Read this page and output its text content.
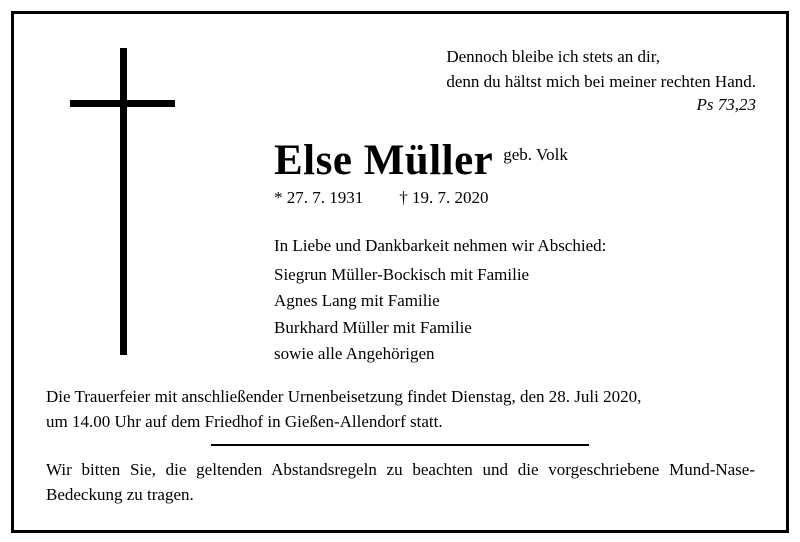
Dennoch bleibe ich stets an dir,
denn du hältst mich bei meiner rechten Hand.
Ps 73,23
Else Müller geb. Volk
* 27. 7. 1931 † 19. 7. 2020
In Liebe und Dankbarkeit nehmen wir Abschied:
Siegrun Müller-Bockisch mit Familie
Agnes Lang mit Familie
Burkhard Müller mit Familie
sowie alle Angehörigen
Die Trauerfeier mit anschließender Urnenbeisetzung findet Dienstag, den 28. Juli 2020,
um 14.00 Uhr auf dem Friedhof in Gießen-Allendorf statt.
Wir bitten Sie, die geltenden Abstandsregeln zu beachten und die vorgeschriebene Mund-Nase-Bedeckung zu tragen.
